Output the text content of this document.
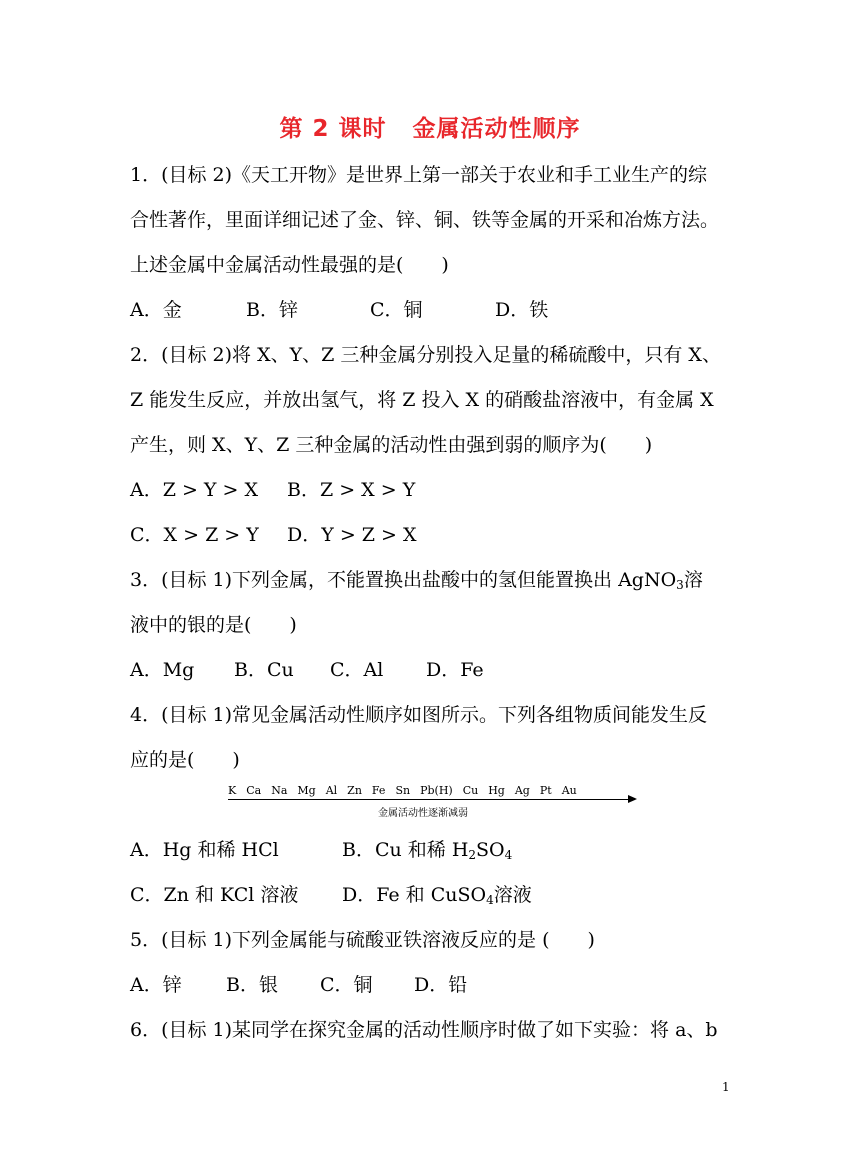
第 2 课时 金属活动性顺序
1．(目标 2)《天工开物》是世界上第一部关于农业和手工业生产的综
合性著作，里面详细记述了金、锌、铜、铁等金属的开采和冶炼方法。
上述金属中金属活动性最强的是(　　)
A．金	B．锌	C．铜	D．铁
2．(目标 2)将 X、Y、Z 三种金属分别投入足量的稀硫酸中，只有 X、
Z 能发生反应，并放出氢气，将 Z 投入 X 的硝酸盐溶液中，有金属 X
产生，则 X、Y、Z 三种金属的活动性由强到弱的顺序为(　　)
A．Z > Y > X B．Z > X > Y
C．X > Z > Y D．Y > Z > X
3．(目标 1)下列金属，不能置换出盐酸中的氢但能置换出 AgNO$_3$溶
液中的银的是(　　)
A．Mg B．Cu C．Al D．Fe
4．(目标 1)常见金属活动性顺序如图所示。下列各组物质间能发生反
应的是(　　)
K Ca Na Mg Al Zn Fe Sn Pb(H) Cu Hg Ag Pt Au
金属活动性逐渐减弱
A．Hg 和稀 HCl	B．Cu 和稀 $H_2SO_4$
C．Zn 和 KCl 溶液 D．Fe 和 CuSO$_4$溶液
5．(目标 1)下列金属能与硫酸亚铁溶液反应的是 (　　)
A．锌 B．银 C．铜 D．铅
6．(目标 1)某同学在探究金属的活动性顺序时做了如下实验：将 a、b
1
